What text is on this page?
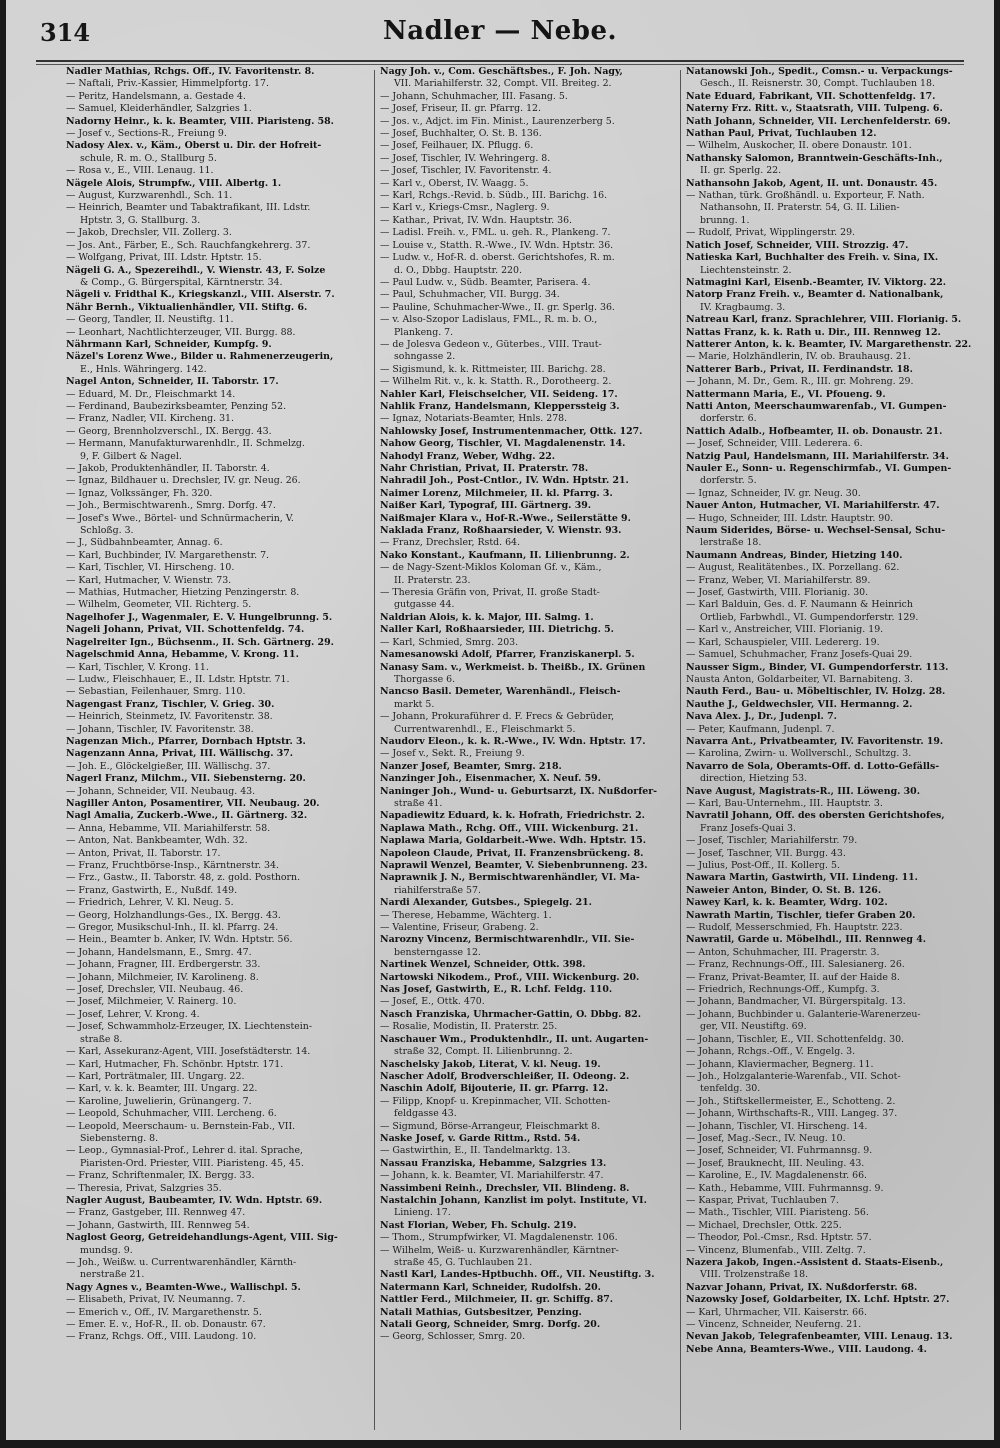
314	Nadler — Nebe.
Nadler Mathias, Rchgs. Off., IV. Favoritenstr. 8.
— Naftali, Priv.-Kassier, Himmelpfortg. 17.
— Peritz, Handelsmann, a. Gestade 4.
— Samuel, Kleiderhändler, Salzgries 1.
Nadorny Heinr., k. k. Beamter, VIII. Piaristeng. 58.
— Josef v., Sections-R., Freiung 9.
Nadosy Alex. v., Käm., Oberst u. Dir. der Hofreit-
schule, R. m. O., Stallburg 5.
— Rosa v., E., VIII. Lenaug. 11.
Nägele Alois, Strumpfw., VIII. Albertg. 1.
— August, Kurzwarenhdl., Sch. 11.
— Heinrich, Beamter und Tabaktrafikant, III. Ldstr.
Hptstr. 3, G. Stallburg. 3.
— Jakob, Drechsler, VII. Zollerg. 3.
— Jos. Ant., Färber, E., Sch. Rauchfangkehrerg. 37.
— Wolfgang, Privat, III. Ldstr. Hptstr. 15.
Nägeli G. A., Spezereihdl., V. Wienstr. 43, F. Solze
& Comp., G. Bürgerspital, Kärntnerstr. 34.
Nägeli v. Fridthal K., Kriegskanzl., VIII. Alserstr. 7.
Nähr Bernh., Viktualienhändler, VII. Stiftg. 6.
— Georg, Tandler, II. Neustiftg. 11.
— Leonhart, Nachtlichterzeuger, VII. Burgg. 88.
Nährmann Karl, Schneider, Kumpfg. 9.
Näzel's Lorenz Wwe., Bilder u. Rahmenerzeugerin,
E., Hnls. Währingerg. 142.
Nagel Anton, Schneider, II. Taborstr. 17.
— Eduard, M. Dr., Fleischmarkt 14.
— Ferdinand, Baubezirksbeamter, Penzing 52.
— Franz, Nadler, VII. Kircheng. 31.
— Georg, Brennholzverschl., IX. Bergg. 43.
— Hermann, Manufakturwarenhdlr., II. Schmelzg.
9, F. Gilbert & Nagel.
— Jakob, Produktenhändler, II. Taborstr. 4.
— Ignaz, Bildhauer u. Drechsler, IV. gr. Neug. 26.
— Ignaz, Volkssänger, Fh. 320.
— Joh., Bermischtwarenh., Smrg. Dorfg. 47.
— Josef's Wwe., Börtel- und Schnürmacherin, V.
Schloßg. 3.
— J., Südbahnbeamter, Annag. 6.
— Karl, Buchbinder, IV. Margarethenstr. 7.
— Karl, Tischler, VI. Hirscheng. 10.
— Karl, Hutmacher, V. Wienstr. 73.
— Mathias, Hutmacher, Hietzing Penzingerstr. 8.
— Wilhelm, Geometer, VII. Richterg. 5.
Nagelhofer J., Wagenmaler, E. V. Hungelbrunng. 5.
Nageli Johann, Privat, VII. Schottenfeldg. 74.
Nagelreiter Ign., Büchsenm., II. Sch. Gärtnerg. 29.
Nagelschmid Anna, Hebamme, V. Krong. 11.
— Karl, Tischler, V. Krong. 11.
— Ludw., Fleischhauer, E., II. Ldstr. Hptstr. 71.
— Sebastian, Feilenhauer, Smrg. 110.
Nagengast Franz, Tischler, V. Grieg. 30.
— Heinrich, Steinmetz, IV. Favoritenstr. 38.
— Johann, Tischler, IV. Favoritenstr. 38.
Nagenzan Mich., Pfarrer, Dornbach Hptstr. 3.
Nagenzann Anna, Privat, III. Wällischg. 37.
— Joh. E., Glöckelgießer, III. Wällischg. 37.
Nagerl Franz, Milchm., VII. Siebensterng. 20.
— Johann, Schneider, VII. Neubaug. 43.
Nagiller Anton, Posamentirer, VII. Neubaug. 20.
Nagl Amalia, Zuckerb.-Wwe., II. Gärtnerg. 32.
— Anna, Hebamme, VII. Mariahilferstr. 58.
— Anton, Nat. Bankbeamter, Wdh. 32.
— Anton, Privat, II. Taborstr. 17.
— Franz, Fruchtbörse-Insp., Kärntnerstr. 34.
— Frz., Gastw., II. Taborstr. 48, z. gold. Posthorn.
— Franz, Gastwirth, E., Nußdf. 149.
— Friedrich, Lehrer, V. Kl. Neug. 5.
— Georg, Holzhandlungs-Ges., IX. Bergg. 43.
— Gregor, Musikschul-Inh., II. kl. Pfarrg. 24.
— Hein., Beamter b. Anker, IV. Wdn. Hptstr. 56.
— Johann, Handelsmann, E., Smrg. 47.
— Johann, Fragner, III. Erdbergerstr. 33.
— Johann, Milchmeier, IV. Karolineng. 8.
— Josef, Drechsler, VII. Neubaug. 46.
— Josef, Milchmeier, V. Rainerg. 10.
— Josef, Lehrer, V. Krong. 4.
— Josef, Schwammholz-Erzeuger, IX. Liechtenstein-
straße 8.
— Karl, Assekuranz-Agent, VIII. Josefstädterstr. 14.
— Karl, Hutmacher, Fh. Schönbr. Hptstr. 171.
— Karl, Porträtmaler, III. Ungarg. 22.
— Karl, v. k. k. Beamter, III. Ungarg. 22.
— Karoline, Juwelierin, Grünangerg. 7.
— Leopold, Schuhmacher, VIII. Lercheng. 6.
— Leopold, Meerschaum- u. Bernstein-Fab., VII.
Siebensterng. 8.
— Leop., Gymnasial-Prof., Lehrer d. ital. Sprache,
Piaristen-Ord. Priester, VIII. Piaristeng. 45, 45.
— Franz, Schriftenmaler, IX. Bergg. 33.
— Theresia, Privat, Salzgries 35.
Nagler August, Baubeamter, IV. Wdn. Hptstr. 69.
— Franz, Gastgeber, III. Rennweg 47.
— Johann, Gastwirth, III. Rennweg 54.
Naglost Georg, Getreidehandlungs-Agent, VIII. Sig-
mundsg. 9.
— Joh., Weißw. u. Currentwarenhändler, Kärnth-
nerstraße 21.
Nagy Agnes v., Beamten-Wwe., Wallischpl. 5.
— Elisabeth, Privat, IV. Neumanng. 7.
— Emerich v., Off., IV. Margarethenstr. 5.
— Emer. E. v., Hof-R., II. ob. Donaustr. 67.
— Franz, Rchgs. Off., VIII. Laudong. 10.
Nagy Joh. v., Com. Geschäftsbes., F. Joh. Nagy,
VII. Mariahilferstr. 32, Compt. VII. Breiteg. 2.
— Johann, Schuhmacher, III. Fasang. 5.
— Josef, Friseur, II. gr. Pfarrg. 12.
— Jos. v., Adjct. im Fin. Minist., Laurenzerberg 5.
— Josef, Buchhalter, O. St. B. 136.
— Josef, Feilhauer, IX. Pflugg. 6.
— Josef, Tischler, IV. Wehringerg. 8.
— Josef, Tischler, IV. Favoritenstr. 4.
— Karl v., Oberst, IV. Waagg. 5.
— Karl, Rchgs.-Revid. b. Südb., III. Barichg. 16.
— Karl v., Kriegs-Cmsr., Naglerg. 9.
— Kathar., Privat, IV. Wdn. Hauptstr. 36.
— Ladisl. Freih. v., FML. u. geh. R., Plankeng. 7.
— Louise v., Statth. R.-Wwe., IV. Wdn. Hptstr. 36.
— Ludw. v., Hof-R. d. oberst. Gerichtshofes, R. m.
d. O., Dbbg. Hauptstr. 220.
— Paul Ludw. v., Südb. Beamter, Parisera. 4.
— Paul, Schuhmacher, VII. Burgg. 34.
— Pauline, Schuhmacher-Wwe., II. gr. Sperlg. 36.
— v. Also-Szopor Ladislaus, FML., R. m. b. O.,
Plankeng. 7.
— de Jolesva Gedeon v., Güterbes., VIII. Traut-
sohngasse 2.
— Sigismund, k. k. Rittmeister, III. Barichg. 28.
— Wilhelm Rit. v., k. k. Statth. R., Dorotheerg. 2.
Nahler Karl, Fleischselcher, VII. Seideng. 17.
Nahlik Franz, Handelsmann, Klepperssteig 3.
— Ignaz, Notariats-Beamter, Hnls. 278.
Nahlowsky Josef, Instrumentenmacher, Ottk. 127.
Nahow Georg, Tischler, VI. Magdalenenstr. 14.
Nahodyl Franz, Weber, Wdhg. 22.
Nahr Christian, Privat, II. Praterstr. 78.
Nahradil Joh., Post-Cntlor., IV. Wdn. Hptstr. 21.
Naimer Lorenz, Milchmeier, II. kl. Pfarrg. 3.
Naißer Karl, Typograf, III. Gärtnerg. 39.
Naißmajer Klara v., Hof-R.-Wwe., Seilerstätte 9.
Naklada Franz, Roßhaarsieder, V. Wienstr. 93.
— Franz, Drechsler, Rstd. 64.
Nako Konstant., Kaufmann, II. Lilienbrunng. 2.
— de Nagy-Szent-Miklos Koloman Gf. v., Käm.,
II. Praterstr. 23.
— Theresia Gräfin von, Privat, II. große Stadt-
gutgasse 44.
Naldrian Alois, k. k. Major, III. Salmg. 1.
Naller Karl, Roßhaarsieder, III. Dietrichg. 5.
— Karl, Schmied, Smrg. 203.
Namesanowski Adolf, Pfarrer, Franziskanerpl. 5.
Nanasy Sam. v., Werkmeist. b. Theißb., IX. Grünen
Thorgasse 6.
Nancso Basil. Demeter, Warenhändl., Fleisch-
markt 5.
— Johann, Prokuraführer d. F. Frecs & Gebrüder,
Currentwarenhdl., E., Fleischmarkt 5.
Naudorv Eleon., k. k. R.-Wwe., IV. Wdn. Hptstr. 17.
— Josef v., Sekt. R., Freiung 9.
Nanzer Josef, Beamter, Smrg. 218.
Nanzinger Joh., Eisenmacher, X. Neuf. 59.
Naninger Joh., Wund- u. Geburtsarzt, IX. Nußdorfer-
straße 41.
Napadiewitz Eduard, k. k. Hofrath, Friedrichstr. 2.
Naplawa Math., Rchg. Off., VIII. Wickenburg. 21.
Naplawa Maria, Goldarbeit.-Wwe. Wdh. Hptstr. 15.
Napoleon Claude, Privat, II. Franzensbrückeng. 8.
Naprawil Wenzel, Beamter, V. Siebenbrunneng. 23.
Naprawnik J. N., Bermischtwarenhändler, VI. Ma-
riahilferstraße 57.
Nardi Alexander, Gutsbes., Spiegelg. 21.
— Therese, Hebamme, Wächterg. 1.
— Valentine, Friseur, Grabeng. 2.
Narozny Vincenz, Bermischtwarenhdlr., VII. Sie-
bensterngasse 12.
Nartinek Wenzel, Schneider, Ottk. 398.
Nartowski Nikodem., Prof., VIII. Wickenburg. 20.
Nas Josef, Gastwirth, E., R. Lchf. Feldg. 110.
— Josef, E., Ottk. 470.
Nasch Franziska, Uhrmacher-Gattin, O. Dbbg. 82.
— Rosalie, Modistin, II. Praterstr. 25.
Naschauer Wm., Produktenhdlr., II. unt. Augarten-
straße 32, Compt. II. Lilienbrunng. 2.
Naschelsky Jakob, Literat, V. kl. Neug. 19.
Nascher Adolf, Brodverschleißer, II. Odeong. 2.
Naschin Adolf, Bijouterie, II. gr. Pfarrg. 12.
— Filipp, Knopf- u. Krepinmacher, VII. Schotten-
feldgasse 43.
— Sigmund, Börse-Arrangeur, Fleischmarkt 8.
Naske Josef, v. Garde Rittm., Rstd. 54.
— Gastwirthin, E., II. Tandelmarktg. 13.
Nassau Franziska, Hebamme, Salzgries 13.
— Johann, k. k. Beamter, VI. Mariahilferstr. 47.
Nassimbeni Reinh., Drechsler, VII. Blindeng. 8.
Nastalchin Johann, Kanzlist im polyt. Institute, VI.
Linieng. 17.
Nast Florian, Weber, Fh. Schulg. 219.
— Thom., Strumpfwirker, VI. Magdalenenstr. 106.
— Wilhelm, Weiß- u. Kurzwarenhändler, Kärntner-
straße 45, G. Tuchlauben 21.
Nastl Karl, Landes-Hptbuchh. Off., VII. Neustiftg. 3.
Natermann Karl, Schneider, Rudolfsh. 20.
Nattler Ferd., Milchmeier, II. gr. Schiffg. 87.
Natali Mathias, Gutsbesitzer, Penzing.
Natali Georg, Schneider, Smrg. Dorfg. 20.
— Georg, Schlosser, Smrg. 20.
Natanowski Joh., Spedit., Comsn.- u. Verpackungs-
Gesch., II. Reisnerstr. 30, Compt. Tuchlauben 18.
Nate Eduard, Fabrikant, VII. Schottenfeldg. 17.
Naterny Frz. Ritt. v., Staatsrath, VIII. Tulpeng. 6.
Nath Johann, Schneider, VII. Lerchenfelderstr. 69.
Nathan Paul, Privat, Tuchlauben 12.
— Wilhelm, Auskocher, II. obere Donaustr. 101.
Nathansky Salomon, Branntwein-Geschäfts-Inh.,
II. gr. Sperlg. 22.
Nathansohn Jakob, Agent, II. unt. Donaustr. 45.
— Nathan, türk. Großhändl. u. Exporteur, F. Nath.
Nathansohn, II. Praterstr. 54, G. II. Lilien-
brunng. 1.
— Rudolf, Privat, Wipplingerstr. 29.
Natich Josef, Schneider, VIII. Strozzig. 47.
Natieska Karl, Buchhalter des Freih. v. Sina, IX.
Liechtensteinstr. 2.
Natmagini Karl, Eisenb.-Beamter, IV. Viktorg. 22.
Natorp Franz Freih. v., Beamter d. Nationalbank,
IV. Kragbaumg. 3.
Natreau Karl, franz. Sprachlehrer, VIII. Florianig. 5.
Nattas Franz, k. k. Rath u. Dir., III. Rennweg 12.
Natterer Anton, k. k. Beamter, IV. Margarethenstr. 22.
— Marie, Holzhändlerin, IV. ob. Brauhausg. 21.
Natterer Barb., Privat, II. Ferdinandstr. 18.
— Johann, M. Dr., Gem. R., III. gr. Mohreng. 29.
Nattermann Maria, E., VI. Pfoueng. 9.
Natti Anton, Meerschaumwarenfab., VI. Gumpen-
dorferstr. 6.
Nattich Adalb., Hofbeamter, II. ob. Donaustr. 21.
— Josef, Schneider, VIII. Lederera. 6.
Natzig Paul, Handelsmann, III. Mariahilferstr. 34.
Nauler E., Sonn- u. Regenschirmfab., VI. Gumpen-
dorferstr. 5.
— Ignaz, Schneider, IV. gr. Neug. 30.
Nauer Anton, Hutmacher, VI. Mariahilferstr. 47.
— Hugo, Schneider, III. Ldstr. Hauptstr. 90.
Naum Siderides, Börse- u. Wechsel-Sensal, Schu-
lerstraße 18.
Naumann Andreas, Binder, Hietzing 140.
— August, Realitätenbes., IX. Porzellang. 62.
— Franz, Weber, VI. Mariahilferstr. 89.
— Josef, Gastwirth, VIII. Florianig. 30.
— Karl Balduin, Ges. d. F. Naumann & Heinrich
Ortlieb, Farbwhdl., VI. Gumpendorferstr. 129.
— Karl v., Anstreicher, VIII. Florianig. 19.
— Karl, Schauspieler, VIII. Ledererg. 19.
— Samuel, Schuhmacher, Franz Josefs-Quai 29.
Nausser Sigm., Binder, VI. Gumpendorferstr. 113.
Nausta Anton, Goldarbeiter, VI. Barnabiteng. 3.
Nauth Ferd., Bau- u. Möbeltischler, IV. Holzg. 28.
Nauthe J., Geldwechsler, VII. Hermanng. 2.
Nava Alex. J., Dr., Judenpl. 7.
— Peter, Kaufmann, Judenpl. 7.
Navarra Ant., Privatbeamter, IV. Favoritenstr. 19.
— Karolina, Zwirn- u. Wollverschl., Schultzg. 3.
Navarro de Sola, Oberamts-Off. d. Lotto-Gefälls-
direction, Hietzing 53.
Nave August, Magistrats-R., III. Löweng. 30.
— Karl, Bau-Unternehm., III. Hauptstr. 3.
Navratil Johann, Off. des obersten Gerichtshofes,
Franz Josefs-Quai 3.
— Josef, Tischler, Mariahilferstr. 79.
— Josef, Taschner, VII. Burgg. 43.
— Julius, Post-Off., II. Kollerg. 5.
Nawara Martin, Gastwirth, VII. Lindeng. 11.
Naweier Anton, Binder, O. St. B. 126.
Nawey Karl, k. k. Beamter, Wdrg. 102.
Nawrath Martin, Tischler, tiefer Graben 20.
— Rudolf, Messerschmied, Fh. Hauptstr. 223.
Nawratil, Garde u. Möbelhdl., III. Rennweg 4.
— Anton, Schuhmacher, III. Pragerstr. 3.
— Franz, Rechnungs-Off., III. Salesianerg. 26.
— Franz, Privat-Beamter, II. auf der Haide 8.
— Friedrich, Rechnungs-Off., Kumpfg. 3.
— Johann, Bandmacher, VI. Bürgerspitalg. 13.
— Johann, Buchbinder u. Galanterie-Warenerzeu-
ger, VII. Neustiftg. 69.
— Johann, Tischler, E., VII. Schottenfeldg. 30.
— Johann, Rchgs.-Off., V. Engelg. 3.
— Johann, Klaviermacher, Begnerg. 11.
— Joh., Holzgalanterie-Warenfab., VII. Schot-
tenfeldg. 30.
— Joh., Stiftskellermeister, E., Schotteng. 2.
— Johann, Wirthschafts-R., VIII. Langeg. 37.
— Johann, Tischler, VI. Hirscheng. 14.
— Josef, Mag.-Secr., IV. Neug. 10.
— Josef, Schneider, VI. Fuhrmannsg. 9.
— Josef, Brauknecht, III. Neuling. 43.
— Karoline, E., IV. Magdalenenstr. 66.
— Kath., Hebamme, VIII. Fuhrmannsg. 9.
— Kaspar, Privat, Tuchlauben 7.
— Math., Tischler, VIII. Piaristeng. 56.
— Michael, Drechsler, Ottk. 225.
— Theodor, Pol.-Cmsr., Rsd. Hptstr. 57.
— Vincenz, Blumenfab., VIII. Zeltg. 7.
Nazera Jakob, Ingen.-Assistent d. Staats-Eisenb.,
VIII. Trolzenstraße 18.
Nazvar Johann, Privat, IX. Nußdorferstr. 68.
Nazowsky Josef, Goldarbeiter, IX. Lchf. Hptstr. 27.
— Karl, Uhrmacher, VII. Kaiserstr. 66.
— Vincenz, Schneider, Neuferng. 21.
Nevan Jakob, Telegrafenbeamter, VIII. Lenaug. 13.
Nebe Anna, Beamters-Wwe., VIII. Laudong. 4.
